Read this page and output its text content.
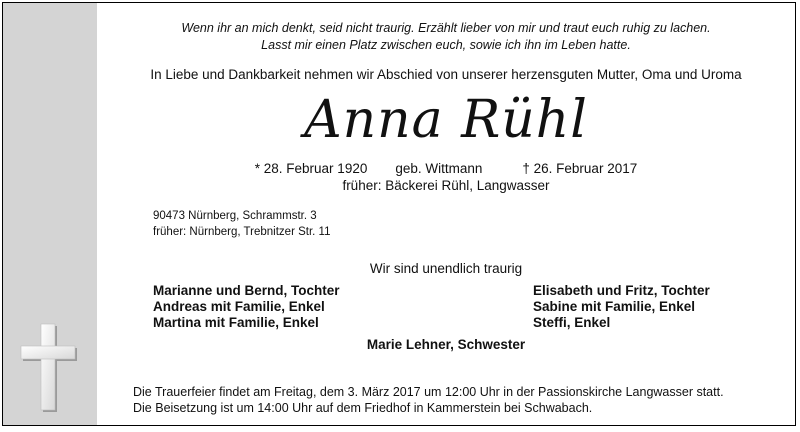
Wenn ihr an mich denkt, seid nicht traurig. Erzählt lieber von mir und traut euch ruhig zu lachen.
Lasst mir einen Platz zwischen euch, sowie ich ihn im Leben hatte.
In Liebe und Dankbarkeit nehmen wir Abschied von unserer herzensguten Mutter, Oma und Uroma
Anna Rühl
* 28. Februar 1920 geb. Wittmann	† 26. Februar 2017
früher: Bäckerei Rühl, Langwasser
90473 Nürnberg, Schrammstr. 3
früher: Nürnberg, Trebnitzer Str. 11
Wir sind unendlich traurig
Marianne und Bernd, Tochter
Andreas mit Familie, Enkel
Martina mit Familie, Enkel
Elisabeth und Fritz, Tochter
Sabine mit Familie, Enkel
Steffi, Enkel
Marie Lehner, Schwester
Die Trauerfeier findet am Freitag, dem 3. März 2017 um 12:00 Uhr in der Passionskirche Langwasser statt.
Die Beisetzung ist um 14:00 Uhr auf dem Friedhof in Kammerstein bei Schwabach.
